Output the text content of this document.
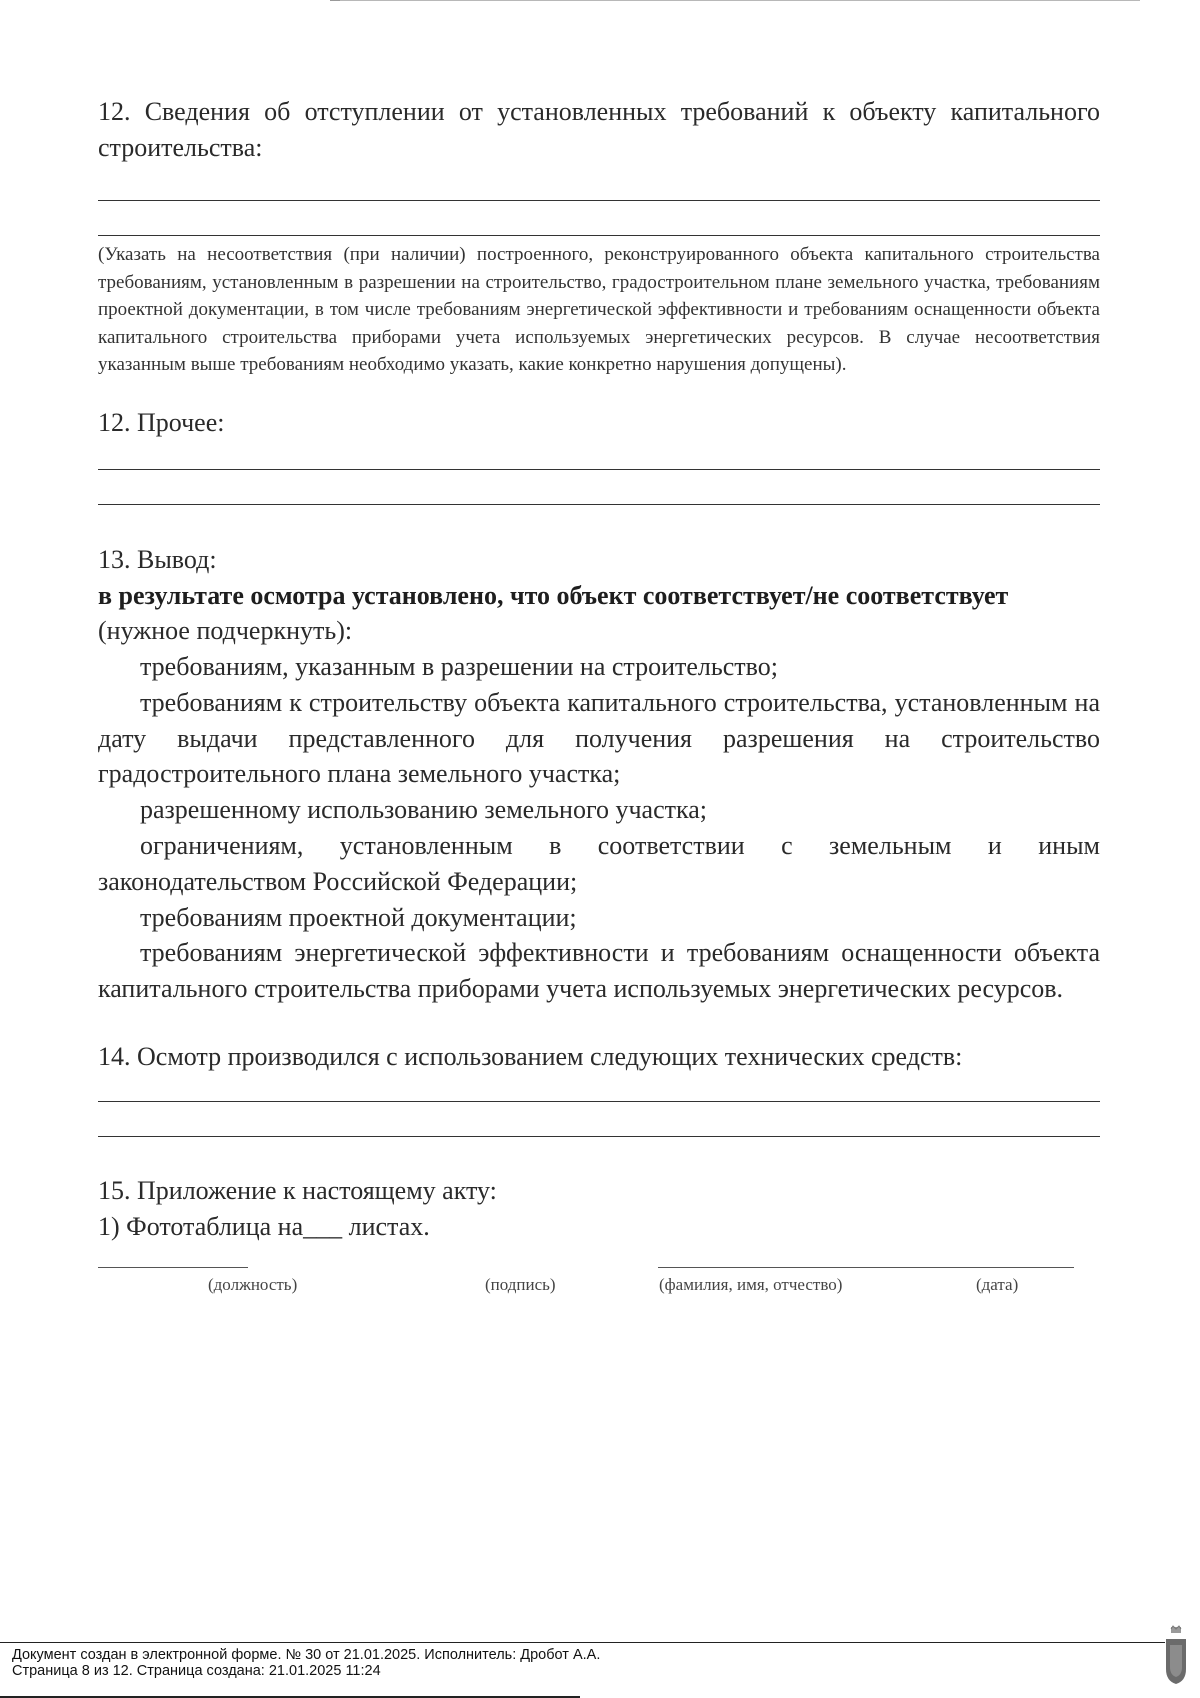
12. Сведения об отступлении от установленных требований к объекту капитального строительства:

(Указать на несоответствия (при наличии) построенного, реконструированного объекта капитального строительства требованиям, установленным в разрешении на строительство, градостроительном плане земельного участка, требованиям проектной документации, в том числе требованиям энергетической эффективности и требованиям оснащенности объекта капитального строительства приборами учета используемых энергетических ресурсов. В случае несоответствия указанным выше требованиям необходимо указать, какие конкретно нарушения допущены).

12. Прочее:

13. Вывод:

в результате осмотра установлено, что объект соответствует/не соответствует
(нужное подчеркнуть):

требованиям, указанным в разрешении на строительство;

требованиям к строительству объекта капитального строительства, установленным на дату выдачи представленного для получения разрешения на строительство градостроительного плана земельного участка;

разрешенному использованию земельного участка;

ограничениям, установленным в соответствии с земельным и иным законодательством Российской Федерации;

требованиям проектной документации;

требованиям энергетической эффективности и требованиям оснащенности объекта капитального строительства приборами учета используемых энергетических ресурсов.

14. Осмотр производился с использованием следующих технических средств:

15. Приложение к настоящему акту:

1) Фототаблица на___ листах.

(должность)	(подпись)	(фамилия, имя, отчество)	(дата)
Документ создан в электронной форме. № 30 от 21.01.2025. Исполнитель: Дробот А.А.
Страница 8 из 12. Страница создана: 21.01.2025 11:24
